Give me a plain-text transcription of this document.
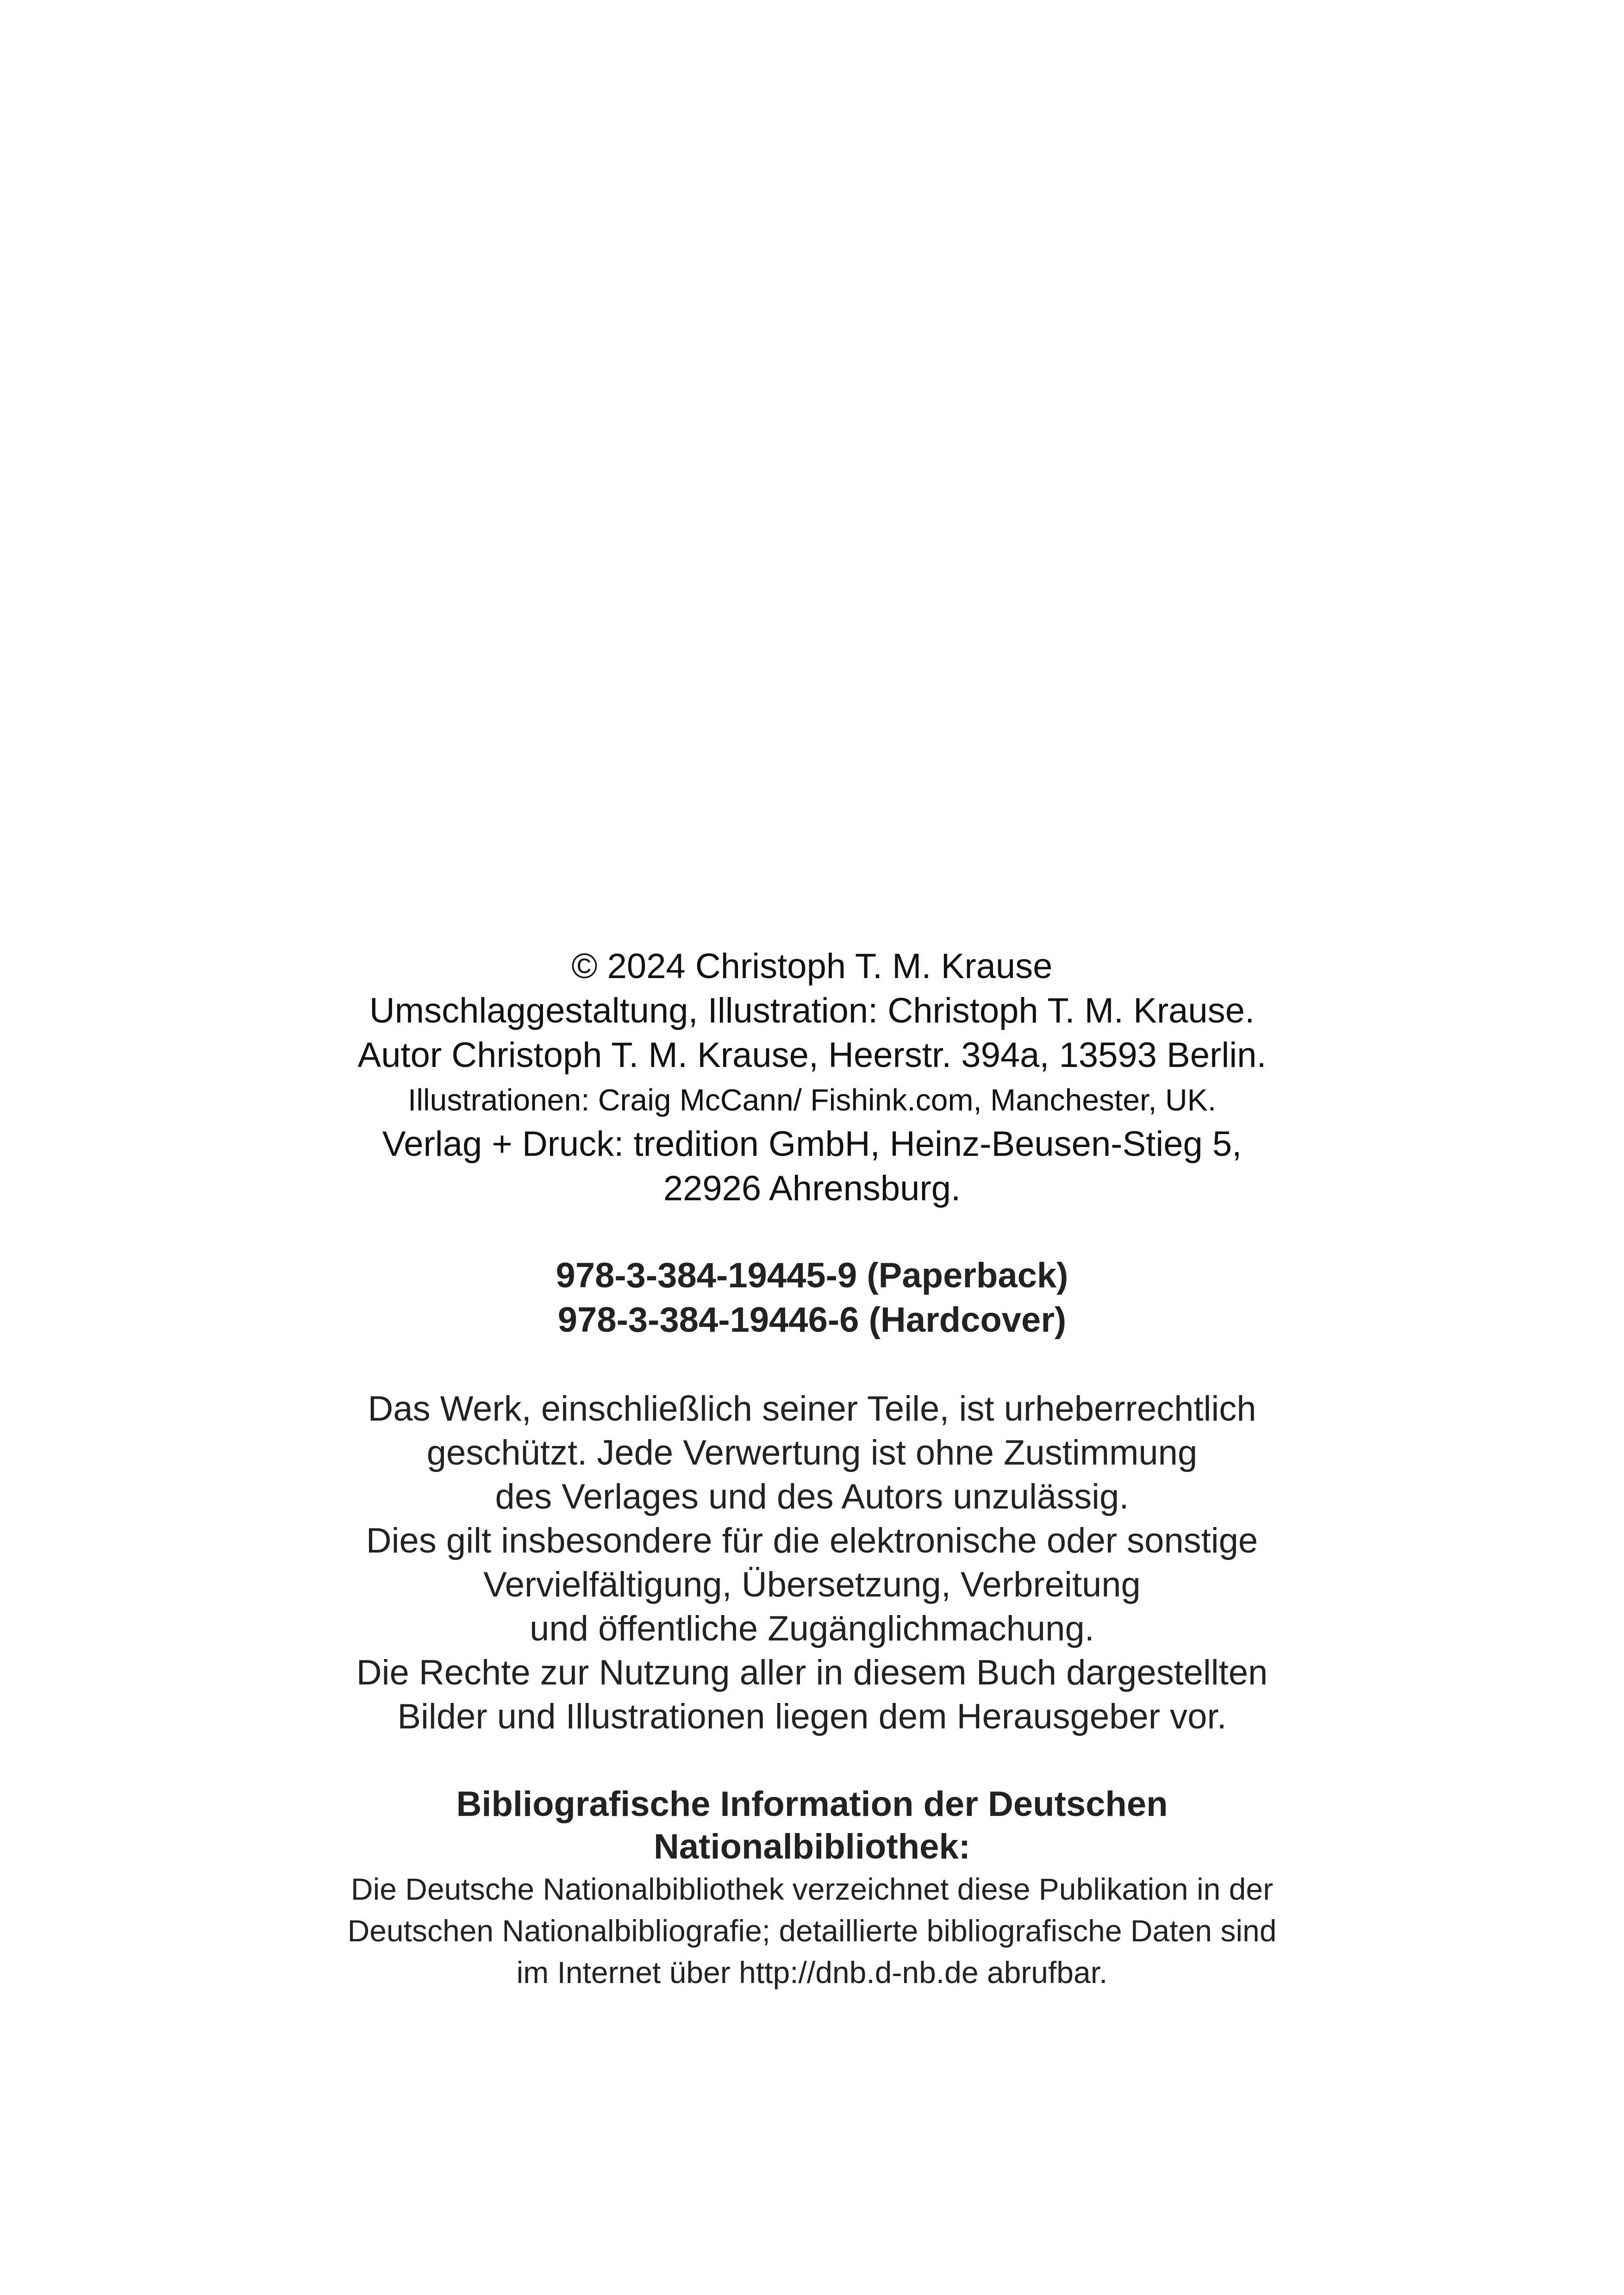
© 2024 Christoph T. M. Krause
Umschlaggestaltung, Illustration: Christoph T. M. Krause.
Autor Christoph T. M. Krause, Heerstr. 394a, 13593 Berlin.
Illustrationen: Craig McCann/ Fishink.com, Manchester, UK.
Verlag + Druck: tredition GmbH, Heinz-Beusen-Stieg 5,
22926 Ahrensburg.
978-3-384-19445-9 (Paperback)
978-3-384-19446-6 (Hardcover)
Das Werk, einschließlich seiner Teile, ist urheberrechtlich
geschützt. Jede Verwertung ist ohne Zustimmung
des Verlages und des Autors unzulässig.
Dies gilt insbesondere für die elektronische oder sonstige
Vervielfältigung, Übersetzung, Verbreitung
und öffentliche Zugänglichmachung.
Die Rechte zur Nutzung aller in diesem Buch dargestellten
Bilder und Illustrationen liegen dem Herausgeber vor.
Bibliografische Information der Deutschen
Nationalbibliothek:
Die Deutsche Nationalbibliothek verzeichnet diese Publikation in der
Deutschen Nationalbibliografie; detaillierte bibliografische Daten sind
im Internet über http://dnb.d-nb.de abrufbar.
